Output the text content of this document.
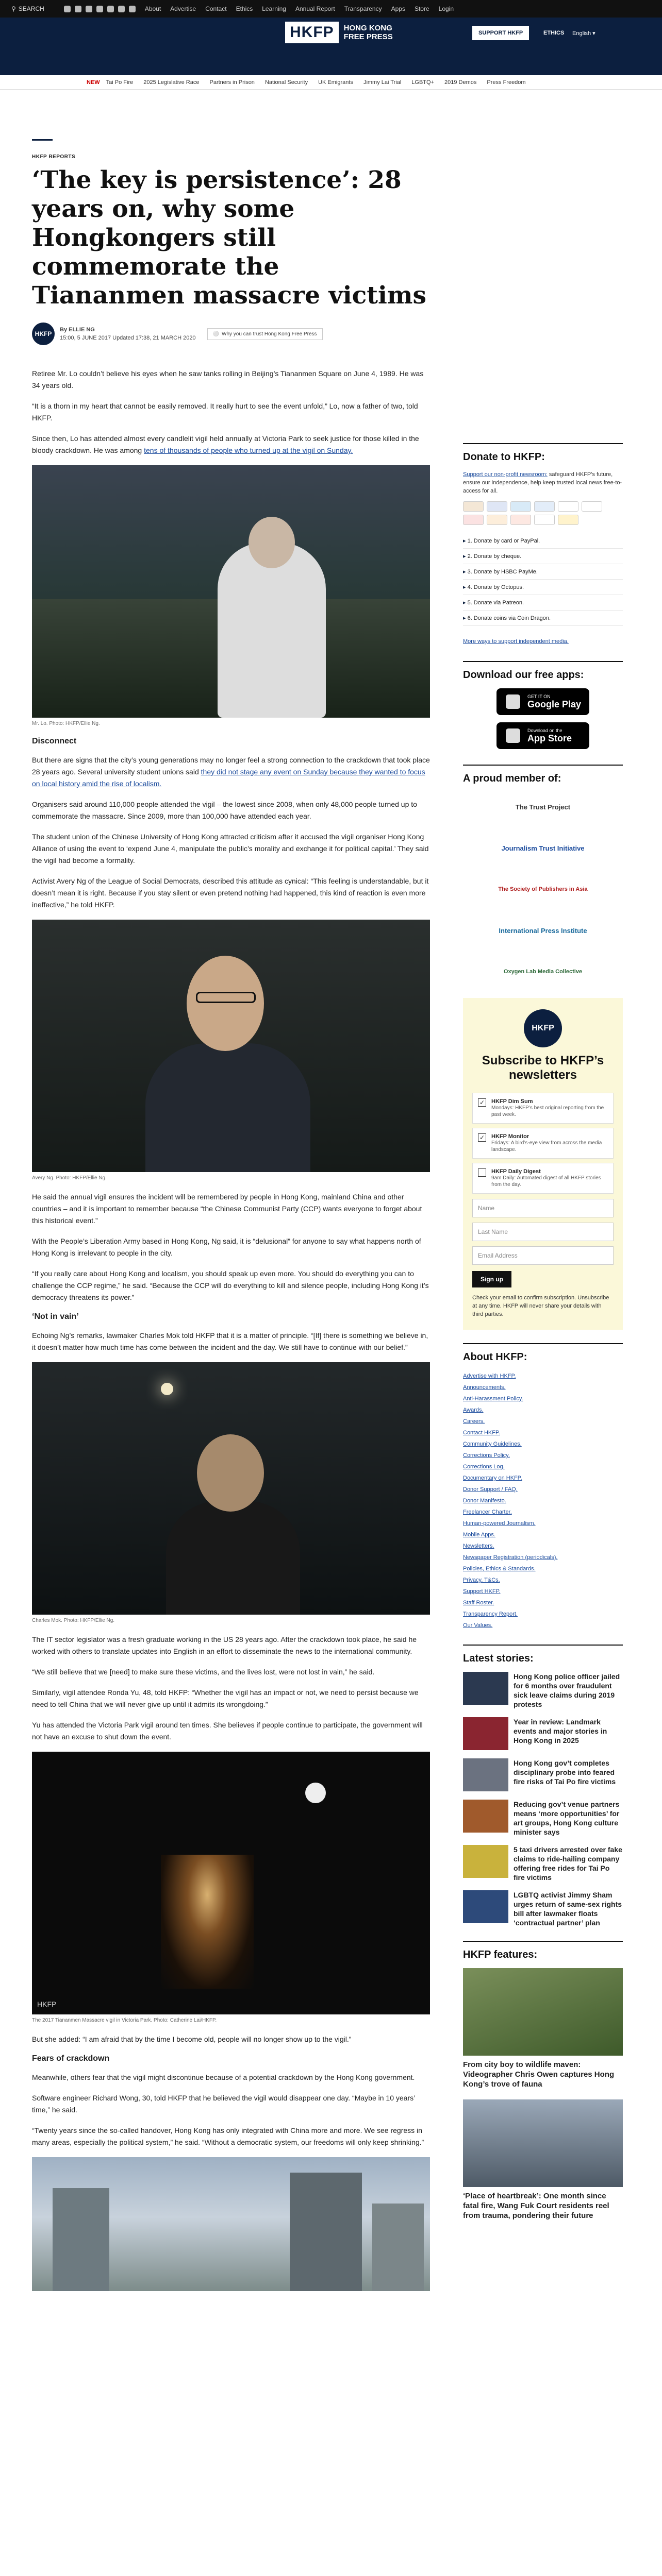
⚲ SEARCH	About Advertise Contact Ethics Learning Annual Report Transparency Apps Store Login
HKFP	HONG KONG
FREE PRESS	SUPPORT HKFP	ETHICS English ▾
HKFP SUPPORT FEATURES REGIONS ▾ NEWSLETTER TOPICS ▾ OPINION PROJECTS ▾ PODCAST LENS
NEW Tai Po Fire 2025 Legislative Race Partners in Prison National Security UK Emigrants Jimmy Lai Trial LGBTQ+ 2019 Demos Press Freedom
HKFP REPORTS
‘The key is persistence’: 28 years on, why some Hongkongers still commemorate the Tiananmen massacre victims
HKFP
By ELLIE NG
15:00, 5 JUNE 2017 Updated 17:38, 21 MARCH 2020
⚪ Why you can trust Hong Kong Free Press

Retiree Mr. Lo couldn’t believe his eyes when he saw tanks rolling in Beijing’s Tiananmen Square on June 4, 1989. He was 34 years old.

“It is a thorn in my heart that cannot be easily removed. It really hurt to see the event unfold,” Lo, now a father of two, told HKFP.

Since then, Lo has attended almost every candlelit vigil held annually at Victoria Park to seek justice for those killed in the bloody crackdown. He was among tens of thousands of people who turned up at the vigil on Sunday.

Mr. Lo. Photo: HKFP/Ellie Ng.
Disconnect

But there are signs that the city’s young generations may no longer feel a strong connection to the crackdown that took place 28 years ago. Several university student unions said they did not stage any event on Sunday because they wanted to focus on local history amid the rise of localism.

Organisers said around 110,000 people attended the vigil – the lowest since 2008, when only 48,000 people turned up to commemorate the massacre. Since 2009, more than 100,000 have attended each year.

The student union of the Chinese University of Hong Kong attracted criticism after it accused the vigil organiser Hong Kong Alliance of using the event to ‘expend June 4, manipulate the public’s morality and exchange it for political capital.’ They said the vigil had become a formality.

Activist Avery Ng of the League of Social Democrats, described this attitude as cynical: “This feeling is understandable, but it doesn’t mean it is right. Because if you stay silent or even pretend nothing had happened, this kind of reaction is even more ineffective,” he told HKFP.

Avery Ng. Photo: HKFP/Ellie Ng.

He said the annual vigil ensures the incident will be remembered by people in Hong Kong, mainland China and other countries – and it is important to remember because “the Chinese Communist Party (CCP) wants everyone to forget about this historical event.”

With the People’s Liberation Army based in Hong Kong, Ng said, it is “delusional” for anyone to say what happens north of Hong Kong is irrelevant to people in the city.

“If you really care about Hong Kong and localism, you should speak up even more. You should do everything you can to challenge the CCP regime,” he said. “Because the CCP will do everything to kill and silence people, including Hong Kong it’s democracy threatens its power.”

‘Not in vain’

Echoing Ng’s remarks, lawmaker Charles Mok told HKFP that it is a matter of principle. “[If] there is something we believe in, it doesn’t matter how much time has come between the incident and the day. We still have to continue with our belief.”

Charles Mok. Photo: HKFP/Ellie Ng.

The IT sector legislator was a fresh graduate working in the US 28 years ago. After the crackdown took place, he said he worked with others to translate updates into English in an effort to disseminate the news to the international community.

“We still believe that we [need] to make sure these victims, and the lives lost, were not lost in vain,” he said.

Similarly, vigil attendee Ronda Yu, 48, told HKFP: “Whether the vigil has an impact or not, we need to persist because we need to tell China that we will never give up until it admits its wrongdoing.”

Yu has attended the Victoria Park vigil around ten times. She believes if people continue to participate, the government will not have an excuse to shut down the event.

HKFP
The 2017 Tiananmen Massacre vigil in Victoria Park. Photo: Catherine Lai/HKFP.

But she added: “I am afraid that by the time I become old, people will no longer show up to the vigil.”

Fears of crackdown

Meanwhile, others fear that the vigil might discontinue because of a potential crackdown by the Hong Kong government.

Software engineer Richard Wong, 30, told HKFP that he believed the vigil would disappear one day. “Maybe in 10 years’ time,” he said.

“Twenty years since the so-called handover, Hong Kong has only integrated with China more and more. We see regress in many areas, especially the political system,” he said. “Without a democratic system, our freedoms will only keep shrinking.”

Donate to HKFP:

Support our non-profit newsroom: safeguard HKFP’s future, ensure our independence, help keep trusted local news free-to-access for all.

▸ 1. Donate by card or PayPal.
▸ 2. Donate by cheque.
▸ 3. Donate by HSBC PayMe.
▸ 4. Donate by Octopus.
▸ 5. Donate via Patreon.
▸ 6. Donate coins via Coin Dragon.
More ways to support independent media.
Download our free apps:
GET IT ON
Google Play
Download on the
App Store
A proud member of:
The Trust Project
Journalism Trust Initiative
The Society of Publishers in Asia
International Press Institute
Oxygen Lab Media Collective
HKFP
Subscribe to HKFP’s newsletters
✓ HKFP Dim Sum
Mondays: HKFP’s best original reporting from the past week.
✓ HKFP Monitor
Fridays: A bird’s-eye view from across the media landscape.
HKFP Daily Digest
9am Daily: Automated digest of all HKFP stories from the day.
Name
Last Name
Email Address
Sign up

Check your email to confirm subscription. Unsubscribe at any time. HKFP will never share your details with third parties.

About HKFP:
Advertise with HKFP.
Announcements.
Anti-Harassment Policy.
Awards.
Careers.
Contact HKFP.
Community Guidelines.
Corrections Policy.
Corrections Log.
Documentary on HKFP.
Donor Support / FAQ.
Donor Manifesto.
Freelancer Charter.
Human-powered Journalism.
Mobile Apps.
Newsletters.
Newspaper Registration (periodicals).
Policies, Ethics & Standards.
Privacy, T&Cs.
Support HKFP.
Staff Roster.
Transparency Report.
Our Values.
Latest stories:
Hong Kong police officer jailed for 6 months over fraudulent sick leave claims during 2019 protests
Year in review: Landmark events and major stories in Hong Kong in 2025
Hong Kong gov’t completes disciplinary probe into feared fire risks of Tai Po fire victims
Reducing gov’t venue partners means ‘more opportunities’ for art groups, Hong Kong culture minister says
5 taxi drivers arrested over fake claims to ride-hailing company offering free rides for Tai Po fire victims
LGBTQ activist Jimmy Sham urges return of same-sex rights bill after lawmaker floats ‘contractual partner’ plan
HKFP features:
From city boy to wildlife maven: Videographer Chris Owen captures Hong Kong’s trove of fauna
‘Place of heartbreak’: One month since fatal fire, Wang Fuk Court residents reel from trauma, pondering their future
